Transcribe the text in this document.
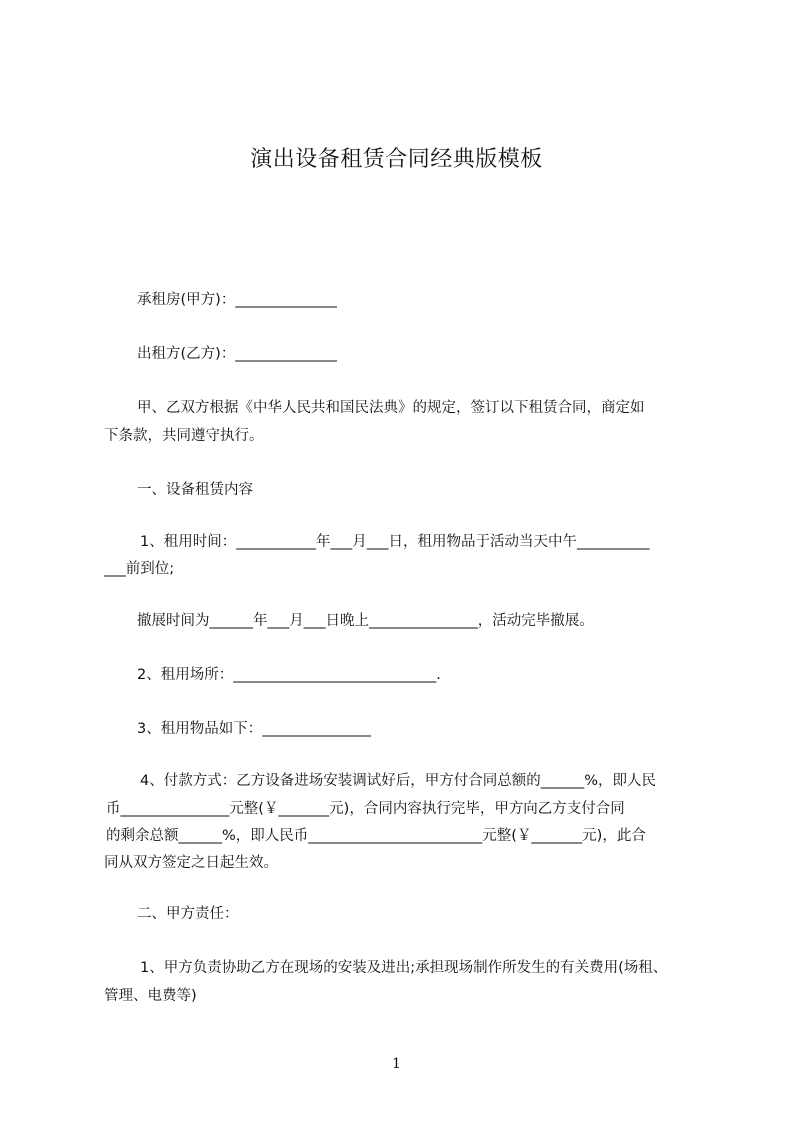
演出设备租赁合同经典版模板
承租房(甲方)：______________
出租方(乙方)：______________
甲、乙双方根据《中华人民共和国民法典》的规定，签订以下租赁合同，商定如
下条款，共同遵守执行。
一、设备租赁内容
1、租用时间：___________年___月___日，租用物品于活动当天中午__________
___前到位;
撤展时间为______年___月___日晚上_______________，活动完毕撤展。
2、租用场所：____________________________.
3、租用物品如下：_______________
4、付款方式：乙方设备进场安装调试好后，甲方付合同总额的______%，即人民
币_______________元整(￥_______元)，合同内容执行完毕，甲方向乙方支付合同
的剩余总额______%，即人民币________________________元整(￥_______元)，此合
同从双方签定之日起生效。
二、甲方责任：
1、甲方负责协助乙方在现场的安装及进出;承担现场制作所发生的有关费用(场租、
管理、电费等)
1
